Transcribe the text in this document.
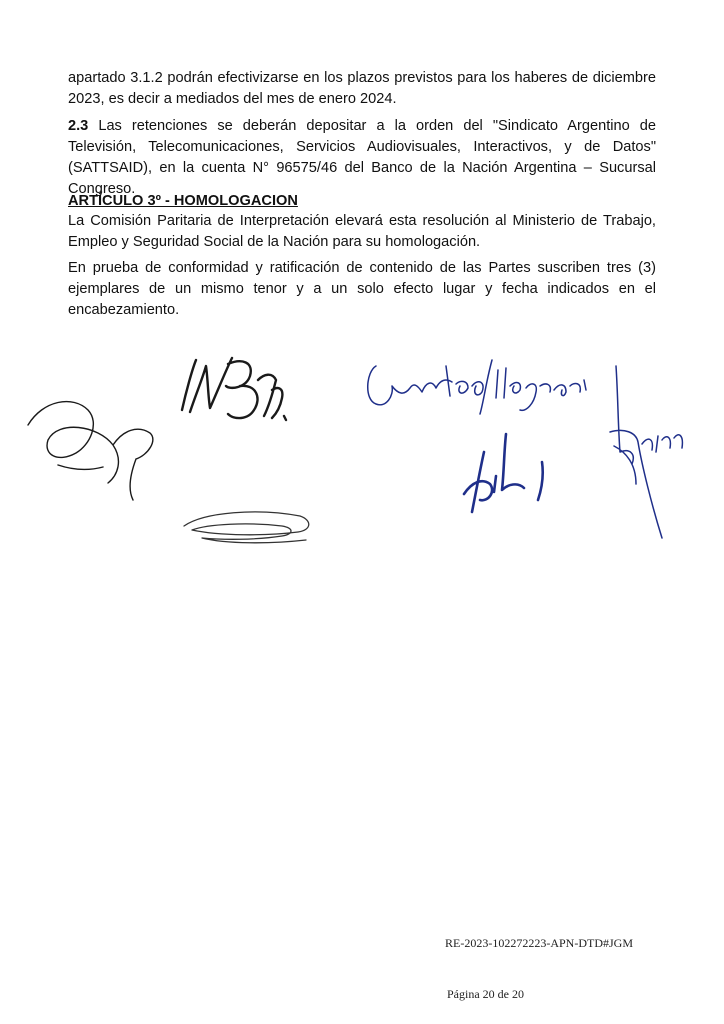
apartado 3.1.2 podrán efectivizarse en los plazos previstos para los haberes de diciembre 2023, es decir a mediados del mes de enero 2024.

2.3 Las retenciones se deberán depositar a la orden del "Sindicato Argentino de Televisión, Telecomunicaciones, Servicios Audiovisuales, Interactivos, y de Datos" (SATTSAID), en la cuenta N° 96575/46 del Banco de la Nación Argentina – Sucursal Congreso.

ARTÍCULO 3º - HOMOLOGACION

La Comisión Paritaria de Interpretación elevará esta resolución al Ministerio de Trabajo, Empleo y Seguridad Social de la Nación para su homologación.

En prueba de conformidad y ratificación de contenido de las Partes suscriben tres (3) ejemplares de un mismo tenor y a un solo efecto lugar y fecha indicados en el encabezamiento.

RE-2023-102272223-APN-DTD#JGM
Página 20 de 20
